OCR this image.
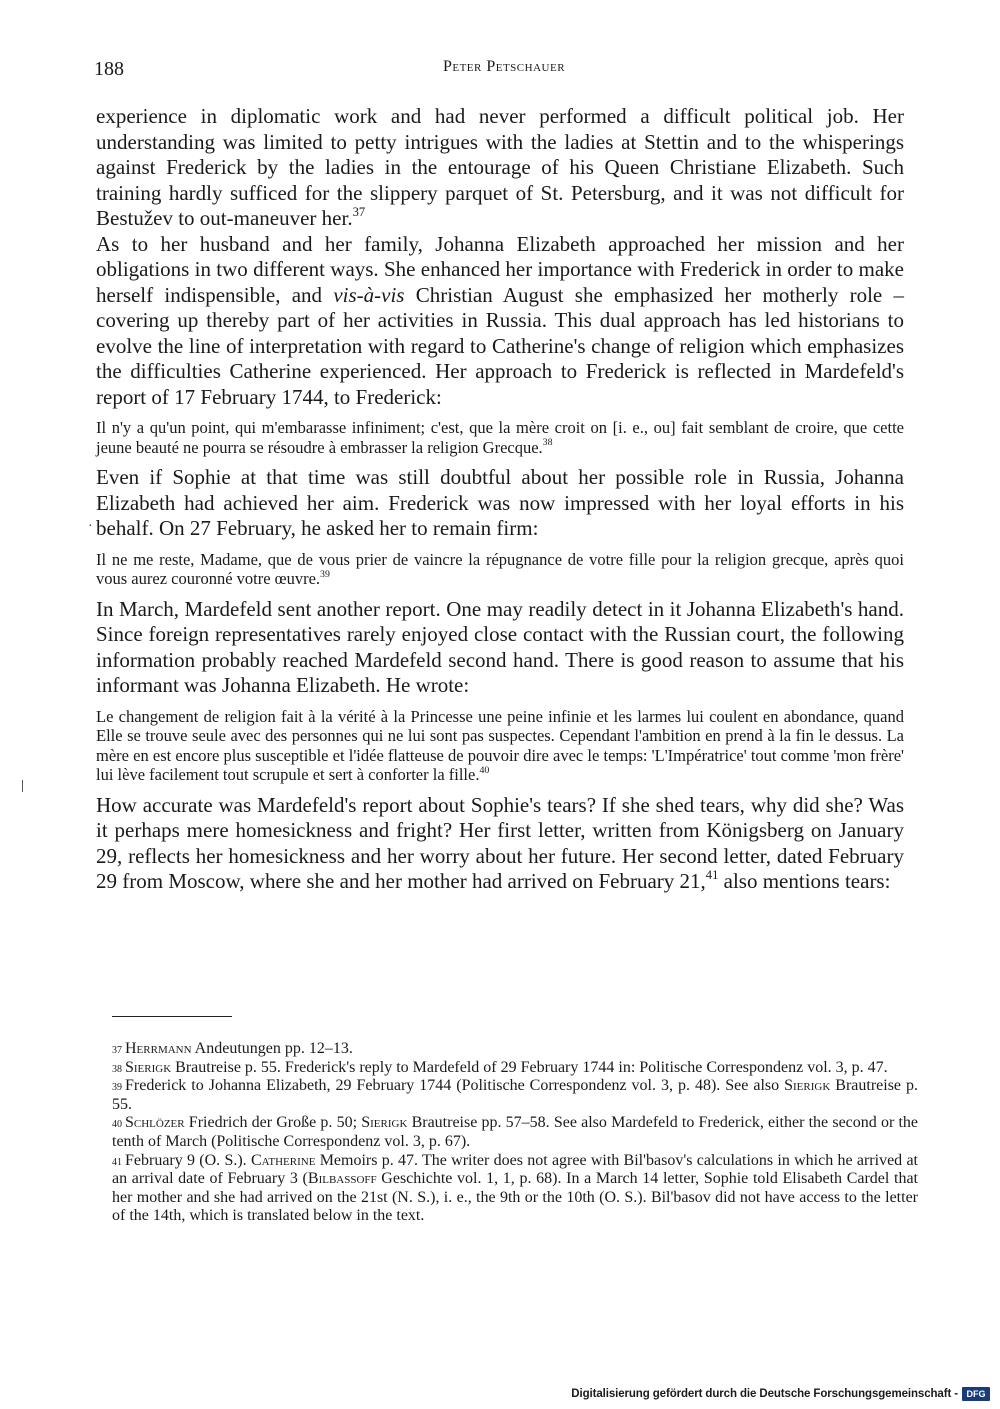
188	Peter Petschauer
·

experience in diplomatic work and had never performed a difficult political job. Her understanding was limited to petty intrigues with the ladies at Stettin and to the whisperings against Frederick by the ladies in the entourage of his Queen Christiane Elizabeth. Such training hardly sufficed for the slippery parquet of St. Petersburg, and it was not difficult for Bestužev to out-maneuver her.$^{37}$

As to her husband and her family, Johanna Elizabeth approached her mission and her obligations in two different ways. She enhanced her importance with Frederick in order to make herself indispensible, and vis-à-vis Christian August she emphasized her motherly role – covering up thereby part of her activities in Russia. This dual approach has led historians to evolve the line of interpretation with regard to Catherine's change of religion which emphasizes the difficulties Catherine experienced. Her approach to Frederick is reflected in Mardefeld's report of 17 February 1744, to Frederick:

Il n'y a qu'un point, qui m'embarasse infiniment; c'est, que la mère croit on [i. e., ou] fait semblant de croire, que cette jeune beauté ne pourra se résoudre à embrasser la religion Grecque.$^{38}$

Even if Sophie at that time was still doubtful about her possible role in Russia, Johanna Elizabeth had achieved her aim. Frederick was now impressed with her loyal efforts in his behalf. On 27 February, he asked her to remain firm:

Il ne me reste, Madame, que de vous prier de vaincre la répugnance de votre fille pour la religion grecque, après quoi vous aurez couronné votre œuvre.$^{39}$

In March, Mardefeld sent another report. One may readily detect in it Johanna Elizabeth's hand. Since foreign representatives rarely enjoyed close contact with the Russian court, the following information probably reached Mardefeld second hand. There is good reason to assume that his informant was Johanna Elizabeth. He wrote:

Le changement de religion fait à la vérité à la Princesse une peine infinie et les larmes lui coulent en abondance, quand Elle se trouve seule avec des personnes qui ne lui sont pas suspectes. Cependant l'ambition en prend à la fin le dessus. La mère en est encore plus susceptible et l'idée flatteuse de pouvoir dire avec le temps: 'L'Impératrice' tout comme 'mon frère' lui lève facilement tout scrupule et sert à conforter la fille.$^{40}$

How accurate was Mardefeld's report about Sophie's tears? If she shed tears, why did she? Was it perhaps mere homesickness and fright? Her first letter, written from Königsberg on January 29, reflects her homesickness and her worry about her future. Her second letter, dated February 29 from Moscow, where she and her mother had arrived on February 21,41 also mentions tears:

$^{37}$ Herrmann Andeutungen pp. 12–13.

$^{38}$ Sierigk Brautreise p. 55. Frederick's reply to Mardefeld of 29 February 1744 in: Politische Correspondenz vol. 3, p. 47.

$^{39}$ Frederick to Johanna Elizabeth, 29 February 1744 (Politische Correspondenz vol. 3, p. 48). See also Sierigk Brautreise p. 55.

$^{40}$ Schlözer Friedrich der Große p. 50; Sierigk Brautreise pp. 57–58. See also Mardefeld to Frederick, either the second or the tenth of March (Politische Correspondenz vol. 3, p. 67).

$^{41}$ February 9 (O. S.). Catherine Memoirs p. 47. The writer does not agree with Bil'basov's calculations in which he arrived at an arrival date of February 3 (Bilbassoff Geschichte vol. 1, 1, p. 68). In a March 14 letter, Sophie told Elisabeth Cardel that her mother and she had arrived on the 21st (N. S.), i. e., the 9th or the 10th (O. S.). Bil'basov did not have access to the letter of the 14th, which is translated below in the text.

Digitalisierung gefördert durch die Deutsche Forschungsgemeinschaft - DFG
